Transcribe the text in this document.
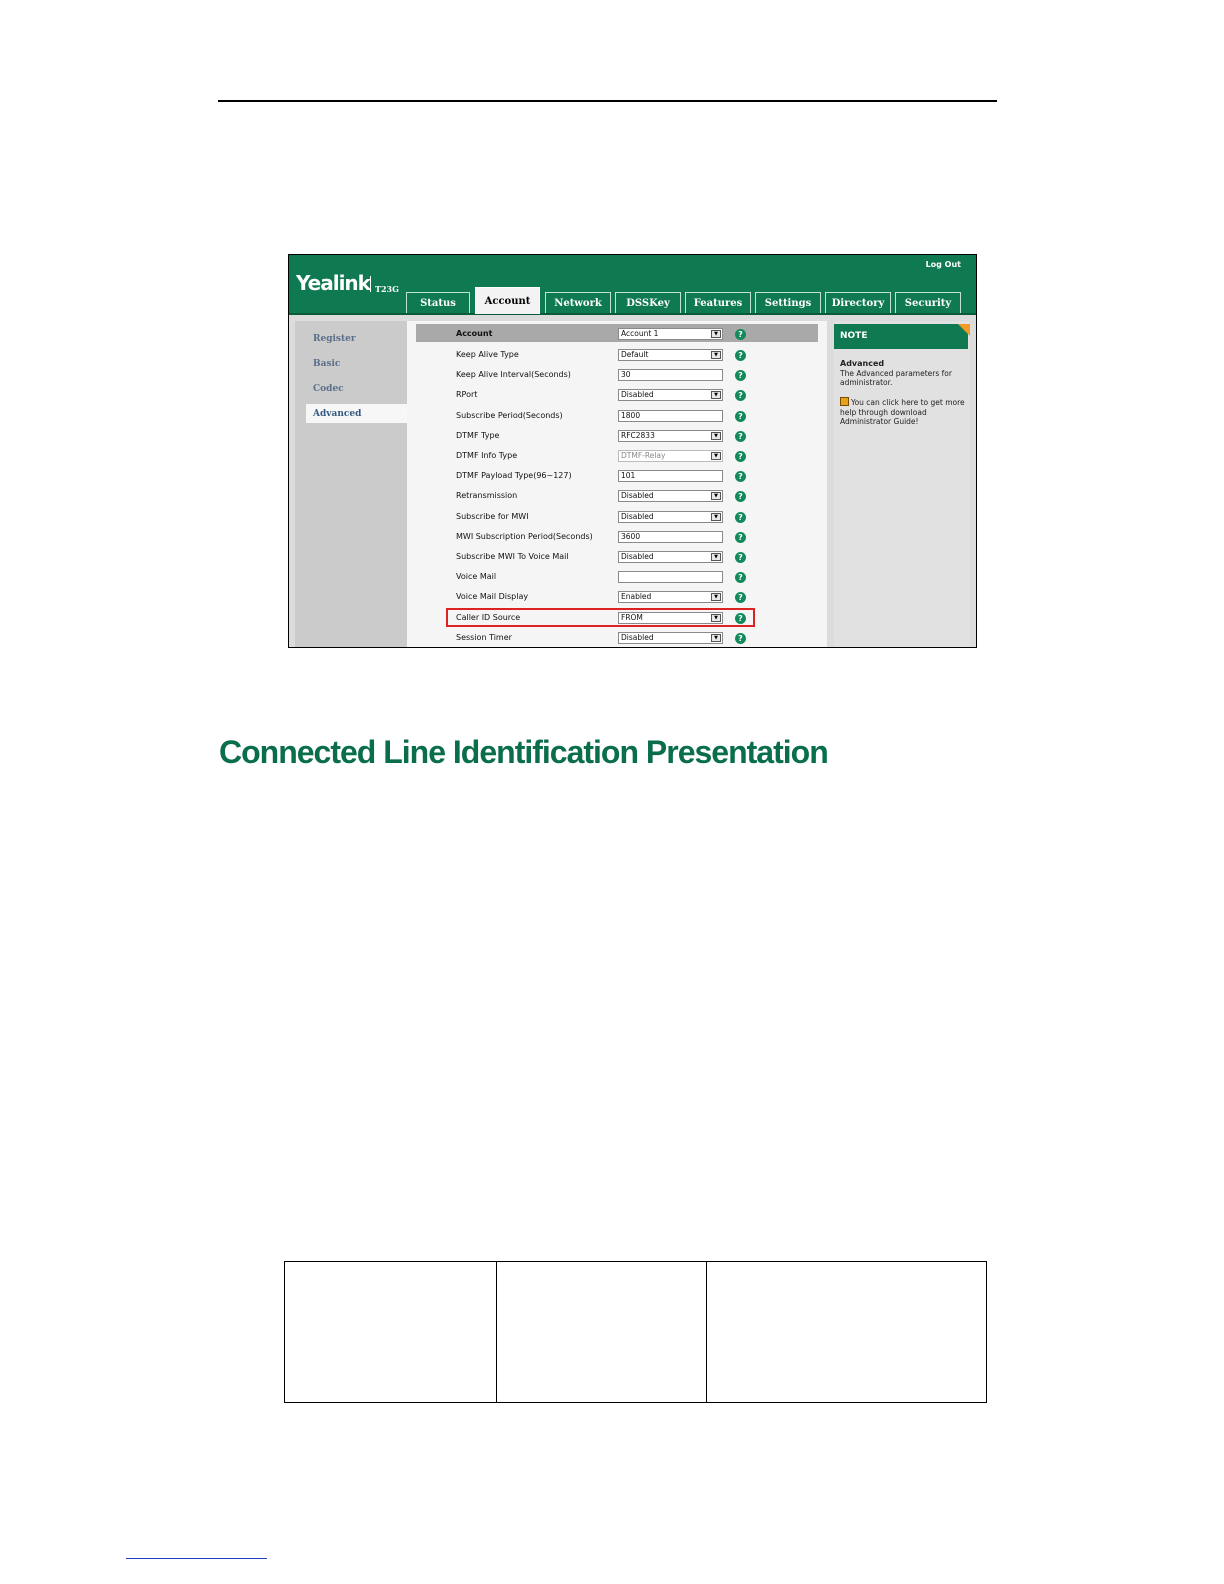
Yealink T23G
Log Out
Status	Account	Network	DSSKey	Features	Settings	Directory	Security
Register
Basic
Codec
Advanced
Account	Account 1	▼	?
Keep Alive Type	Default	▼	?
Keep Alive Interval(Seconds)	30	?
RPort	Disabled	▼	?
Subscribe Period(Seconds)	1800	?
DTMF Type	RFC2833	▼	?
DTMF Info Type	DTMF-Relay	▼	?
DTMF Payload Type(96~127)	101	?
Retransmission	Disabled	▼	?
Subscribe for MWI	Disabled	▼	?
MWI Subscription Period(Seconds)	3600	?
Subscribe MWI To Voice Mail	Disabled	▼	?
Voice Mail	?
Voice Mail Display	Enabled	▼	?
Caller ID Source	FROM	▼	?
Session Timer	Disabled	▼	?
NOTE
Advanced
The Advanced parameters for administrator.

You can click here to get more help through download Administrator Guide!
Connected Line Identification Presentation
